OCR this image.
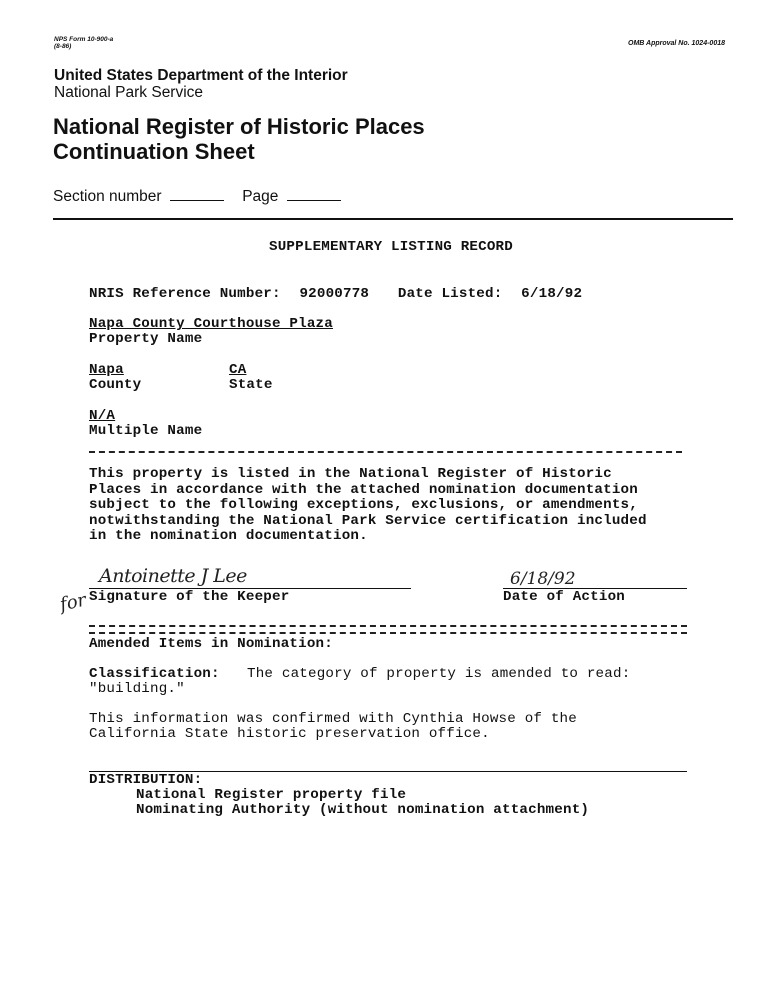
NPS Form 10-900-a
(8-86)	OMB Approval No. 1024-0018
United States Department of the Interior
National Park Service
National Register of Historic Places
Continuation Sheet
Section number	Page
SUPPLEMENTARY LISTING RECORD
NRIS Reference Number: 92000778 Date Listed: 6/18/92
Napa County Courthouse Plaza
Property Name
Napa
County
CA
State
N/A
Multiple Name
This property is listed in the National Register of Historic
Places in accordance with the attached nomination documentation
subject to the following exceptions, exclusions, or amendments,
notwithstanding the National Park Service certification included
in the nomination documentation.
Antoinette J Lee
for Signature of the Keeper
6/18/92
Date of Action
Amended Items in Nomination:
Classification: The category of property is amended to read:
"building."
This information was confirmed with Cynthia Howse of the
California State historic preservation office.
DISTRIBUTION:
National Register property file
Nominating Authority (without nomination attachment)
